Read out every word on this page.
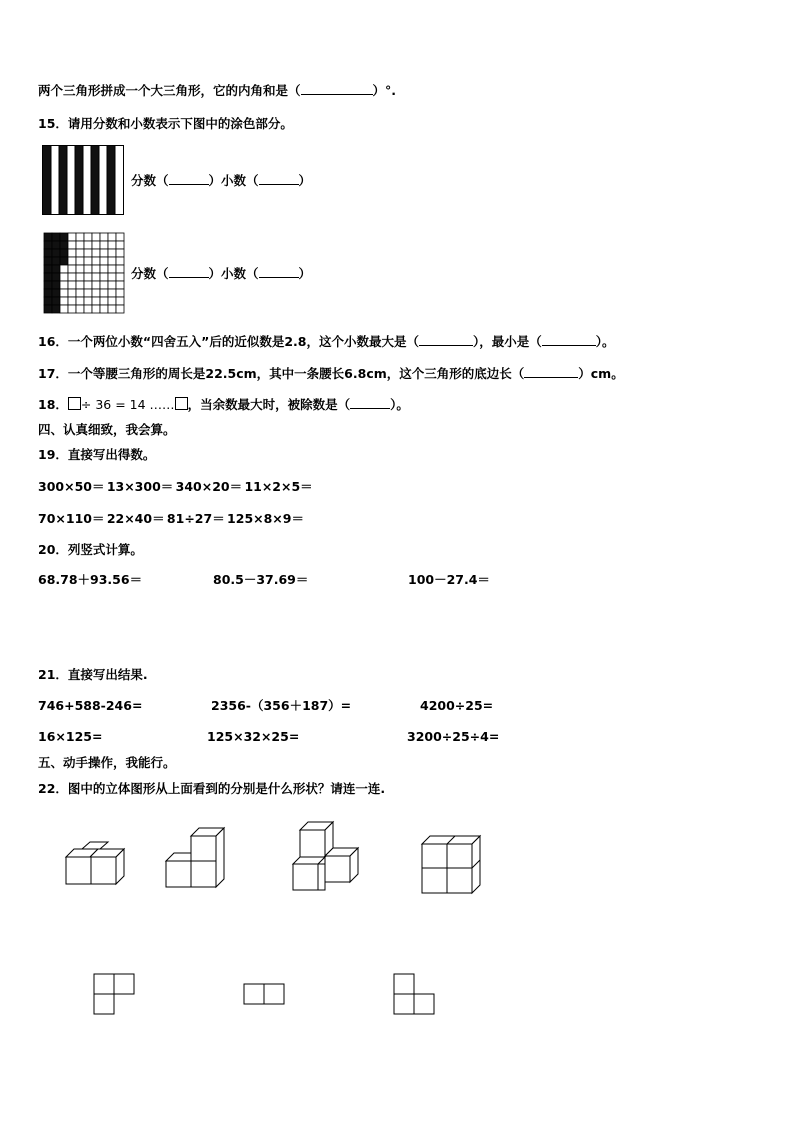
两个三角形拼成一个大三角形，它的内角和是（	）°.
15．请用分数和小数表示下图中的涂色部分。
分数（	）小数（	）
分数（	）小数（	）
16．一个两位小数“四舍五入”后的近似数是2.8，这个小数最大是（	），最小是（	）。
17．一个等腰三角形的周长是22.5cm，其中一条腰长6.8cm，这个三角形的底边长（	）cm。
18． ÷ 36 = 14 …… ，当余数最大时，被除数是（	）。
四、认真细致，我会算。
19．直接写出得数。
300×50＝ 13×300＝ 340×20＝ 11×2×5＝
70×110＝ 22×40＝ 81÷27＝ 125×8×9＝
20．列竖式计算。
68.78＋93.56＝	80.5－37.69＝	100－27.4＝
21．直接写出结果.
746+588-246=	2356-（356＋187）=	4200÷25=
16×125=	125×32×25=	3200÷25÷4=
五、动手操作，我能行。
22．图中的立体图形从上面看到的分别是什么形状？请连一连.
